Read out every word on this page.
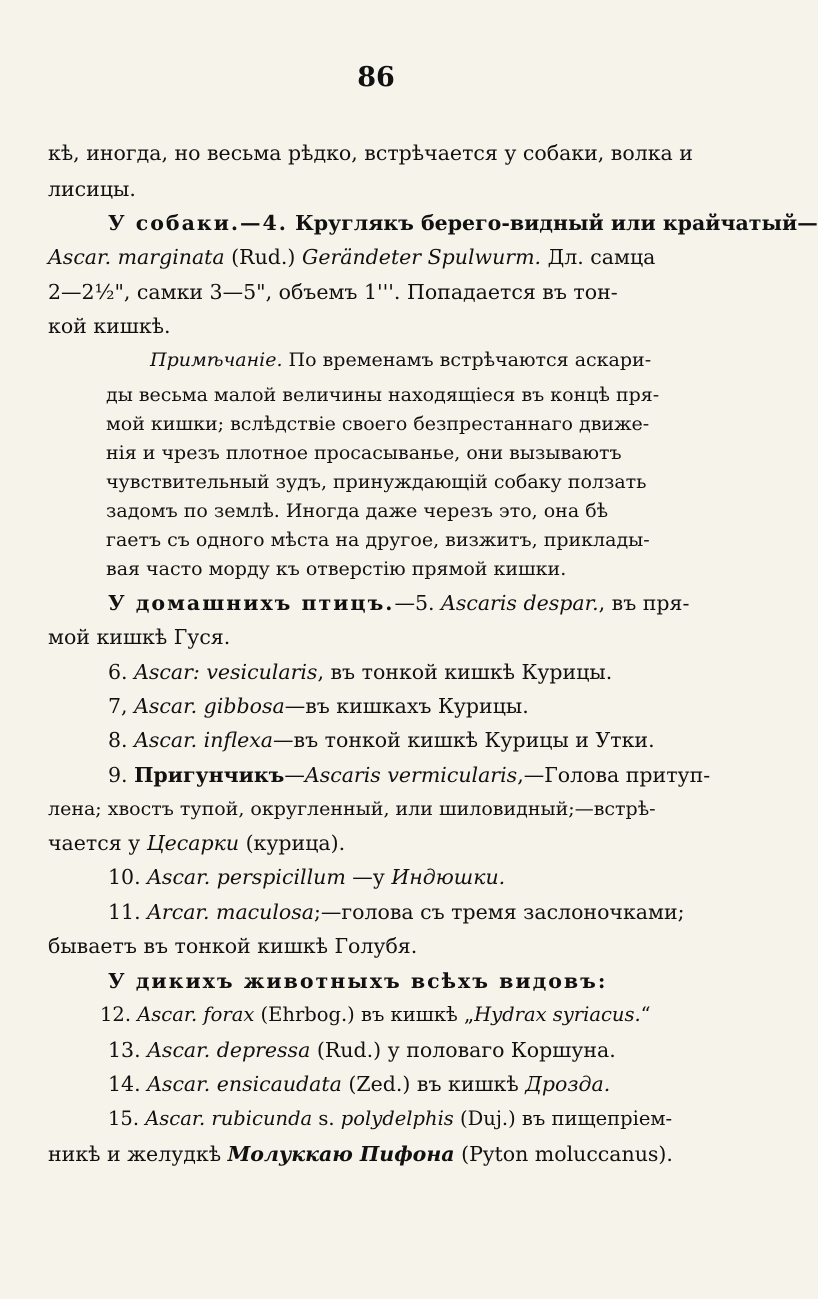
86
кѣ, иногда, но весьма рѣдко, встрѣчается у собаки, волка и
лисицы.
У собаки.—4. Круглякъ берего-видный или крайчатый—
Ascar. marginata (Rud.) Gerändeter Spulwurm. Дл. самца
2—2½", самки 3—5", объемъ 1'''. Попадается въ тон-
кой кишкѣ.
Примѣчаніе. По временамъ встрѣчаются аскари-
ды весьма малой величины находящіеся въ концѣ пря-
мой кишки; вслѣдствіе своего безпрестаннаго движе-
нія и чрезъ плотное просасыванье, они вызываютъ
чувствительный зудъ, принуждающій собаку ползать
задомъ по землѣ. Иногда даже черезъ это, она бѣ
гаетъ съ одного мѣста на другое, визжитъ, приклады-
вая часто морду къ отверстію прямой кишки.
У домашнихъ птицъ.—5. Ascaris despar., въ пря-
мой кишкѣ Гуся.
6. Ascar: vesicularis, въ тонкой кишкѣ Курицы.
7, Ascar. gibbosa—въ кишкахъ Курицы.
8. Ascar. inflexa—въ тонкой кишкѣ Курицы и Утки.
9. Пригунчикъ—Ascaris vermicularis,—Голова притуп-
лена; хвостъ тупой, округленный, или шиловидный;—встрѣ-
чается у Цесарки (курица).
10. Ascar. perspicillum —у Индюшки.
11. Arcar. maculosa;—голова съ тремя заслоночками;
бываетъ въ тонкой кишкѣ Голубя.
У дикихъ животныхъ всѣхъ видовъ:
12. Ascar. forax (Ehrbog.) въ кишкѣ „Hydrax syriacus.“
13. Ascar. depressa (Rud.) у половаго Коршуна.
14. Ascar. ensicaudata (Zed.) въ кишкѣ Дрозда.
15. Ascar. rubicunda s. polydelphis (Duj.) въ пищепріем-
никѣ и желудкѣ Молуккаю Пифона (Pyton moluccanus).
